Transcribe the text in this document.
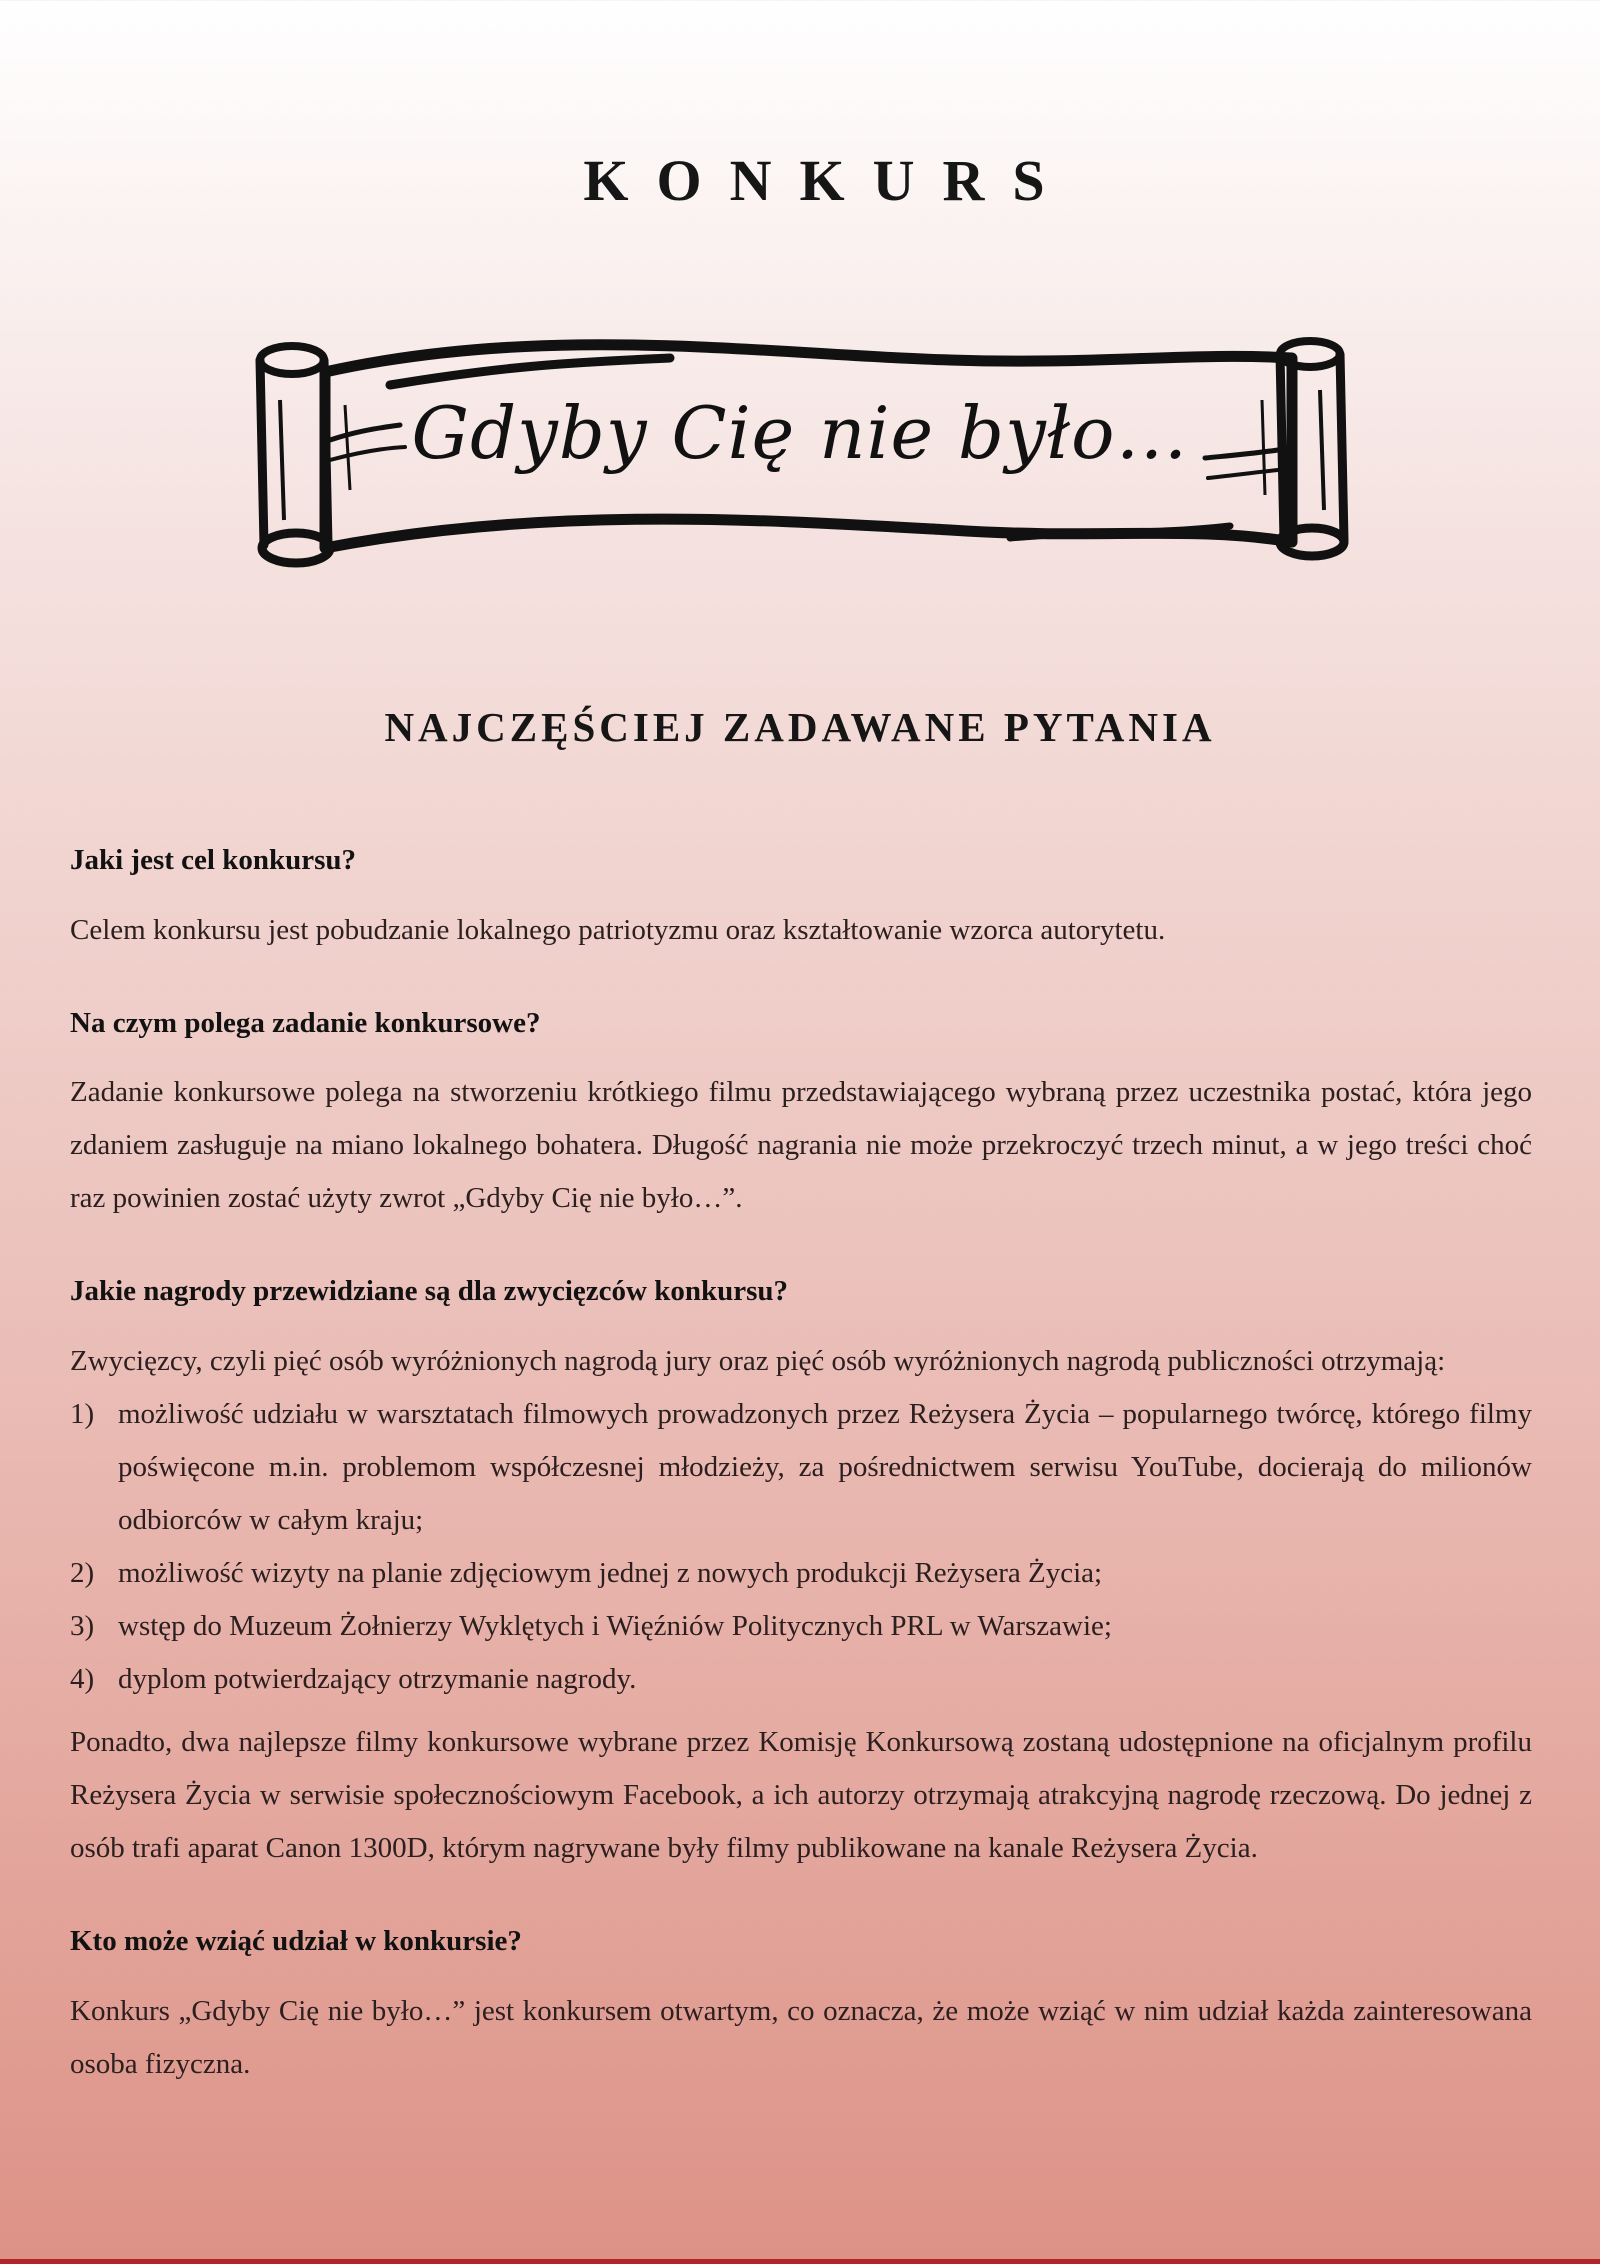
KONKURS
Gdyby Cię nie było…
NAJCZĘŚCIEJ ZADAWANE PYTANIA

Jaki jest cel konkursu?

Celem konkursu jest pobudzanie lokalnego patriotyzmu oraz kształtowanie wzorca autorytetu.

Na czym polega zadanie konkursowe?

Zadanie konkursowe polega na stworzeniu krótkiego filmu przedstawiającego wybraną przez uczestnika postać, która jego zdaniem zasługuje na miano lokalnego bohatera. Długość nagrania nie może przekroczyć trzech minut, a w jego treści choć raz powinien zostać użyty zwrot „Gdyby Cię nie było…”.

Jakie nagrody przewidziane są dla zwycięzców konkursu?

Zwycięzcy, czyli pięć osób wyróżnionych nagrodą jury oraz pięć osób wyróżnionych nagrodą publiczności otrzymają:

1) możliwość udziału w warsztatach filmowych prowadzonych przez Reżysera Życia – popularnego twórcę, którego filmy poświęcone m.in. problemom współczesnej młodzieży, za pośrednictwem serwisu YouTube, docierają do milionów odbiorców w całym kraju;
2) możliwość wizyty na planie zdjęciowym jednej z nowych produkcji Reżysera Życia;
3) wstęp do Muzeum Żołnierzy Wyklętych i Więźniów Politycznych PRL w Warszawie;
4) dyplom potwierdzający otrzymanie nagrody.

Ponadto, dwa najlepsze filmy konkursowe wybrane przez Komisję Konkursową zostaną udostępnione na oficjalnym profilu Reżysera Życia w serwisie społecznościowym Facebook, a ich autorzy otrzymają atrakcyjną nagrodę rzeczową. Do jednej z osób trafi aparat Canon 1300D, którym nagrywane były filmy publikowane na kanale Reżysera Życia.

Kto może wziąć udział w konkursie?

Konkurs „Gdyby Cię nie było…” jest konkursem otwartym, co oznacza, że może wziąć w nim udział każda zainteresowana osoba fizyczna.
